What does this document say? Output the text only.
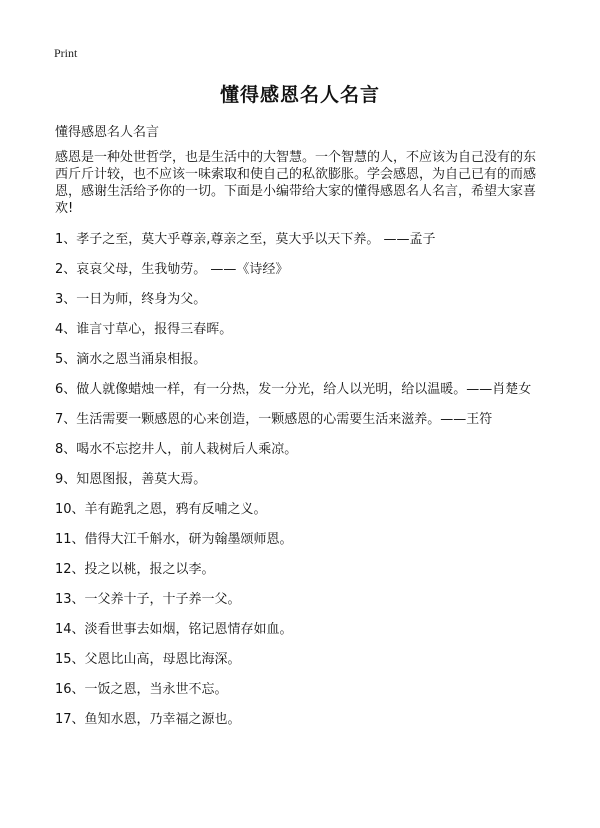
Print
懂得感恩名人名言

懂得感恩名人名言

感恩是一种处世哲学，也是生活中的大智慧。一个智慧的人，不应该为自己没有的东西斤斤计较，也不应该一味索取和使自己的私欲膨胀。学会感恩，为自己已有的而感恩，感谢生活给予你的一切。下面是小编带给大家的懂得感恩名人名言，希望大家喜欢!

1、孝子之至，莫大乎尊亲,尊亲之至，莫大乎以天下养。 ——孟子
2、哀哀父母，生我劬劳。 ——《诗经》
3、一日为师，终身为父。
4、谁言寸草心，报得三春晖。
5、滴水之恩当涌泉相报。
6、做人就像蜡烛一样，有一分热，发一分光，给人以光明，给以温暖。——肖楚女
7、生活需要一颗感恩的心来创造，一颗感恩的心需要生活来滋养。——王符
8、喝水不忘挖井人，前人栽树后人乘凉。
9、知恩图报，善莫大焉。
10、羊有跪乳之恩，鸦有反哺之义。
11、借得大江千斛水，研为翰墨颂师恩。
12、投之以桃，报之以李。
13、一父养十子，十子养一父。
14、淡看世事去如烟，铭记恩情存如血。
15、父恩比山高，母恩比海深。
16、一饭之恩，当永世不忘。
17、鱼知水恩，乃幸福之源也。
